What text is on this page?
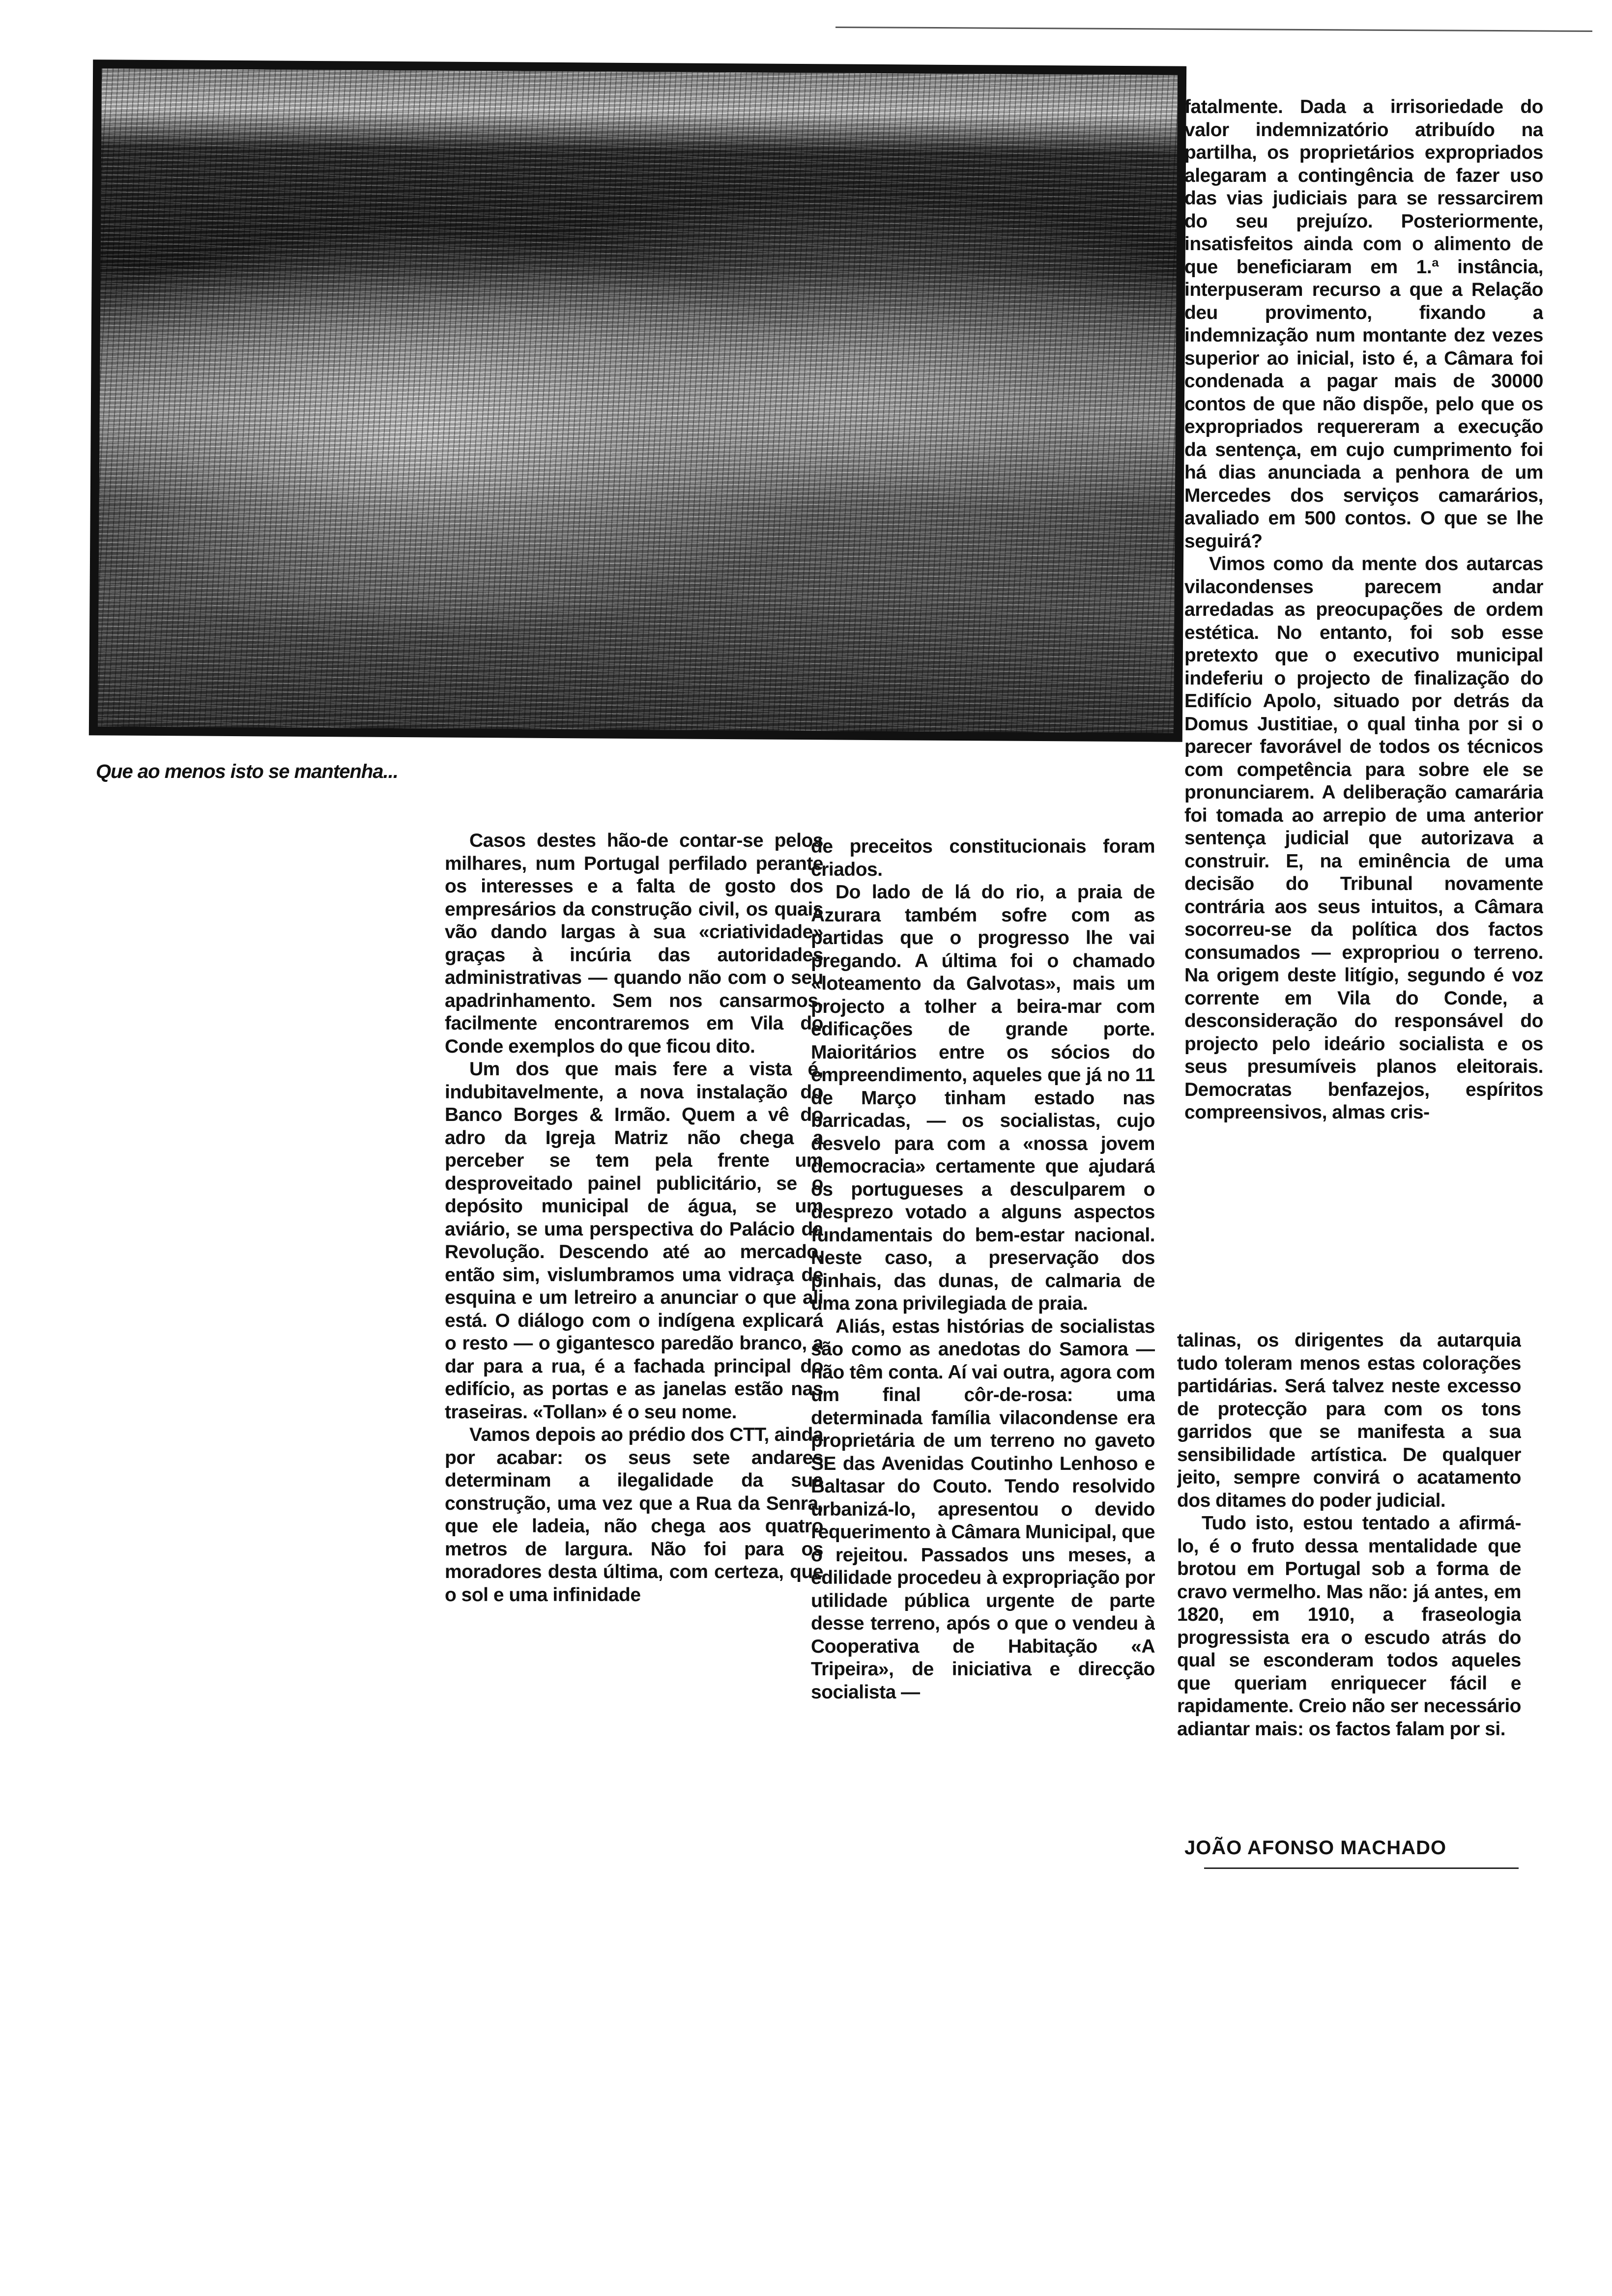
Que ao menos isto se mantenha...

Casos destes hão-de contar-se pelos milhares, num Portugal perfilado perante os interesses e a falta de gosto dos empresários da construção civil, os quais vão dando largas à sua «criatividade» graças à incúria das autoridades administrativas — quando não com o seu apadrinhamento. Sem nos cansarmos, facilmente encontraremos em Vila do Conde exemplos do que ficou dito.

Um dos que mais fere a vista é, indubitavelmente, a nova instalação do Banco Borges & Irmão. Quem a vê do adro da Igreja Matriz não chega a perceber se tem pela frente um desproveitado painel publicitário, se o depósito municipal de água, se um aviário, se uma perspectiva do Palácio da Revolução. Descendo até ao mercado, então sim, vislumbramos uma vidraça de esquina e um letreiro a anunciar o que ali está. O diálogo com o indígena explicará o resto — o gigantesco paredão branco, a dar para a rua, é a fachada principal do edifício, as portas e as janelas estão nas traseiras. «Tollan» é o seu nome.

Vamos depois ao prédio dos CTT, ainda por acabar: os seus sete andares determinam a ilegalidade da sua construção, uma vez que a Rua da Senra, que ele ladeia, não chega aos quatro metros de largura. Não foi para os moradores desta última, com certeza, que o sol e uma infinidade

de preceitos constitucionais foram criados.

Do lado de lá do rio, a praia de Azurara também sofre com as partidas que o progresso lhe vai pregando. A última foi o chamado «loteamento da Galvotas», mais um projecto a tolher a beira-mar com edificações de grande porte. Maioritários entre os sócios do empreendimento, aqueles que já no 11 de Março tinham estado nas barricadas, — os socialistas, cujo desvelo para com a «nossa jovem democracia» certamente que ajudará os portugueses a desculparem o desprezo votado a alguns aspectos fundamentais do bem-estar nacional. Neste caso, a preservação dos pinhais, das dunas, de calmaria de uma zona privilegiada de praia.

Aliás, estas histórias de socialistas são como as anedotas do Samora — não têm conta. Aí vai outra, agora com um final côr-de-rosa: uma determinada família vilacondense era proprietária de um terreno no gaveto SE das Avenidas Coutinho Lenhoso e Baltasar do Couto. Tendo resolvido urbanizá-lo, apresentou o devido requerimento à Câmara Municipal, que o rejeitou. Passados uns meses, a edilidade procedeu à expropriação por utilidade pública urgente de parte desse terreno, após o que o vendeu à Cooperativa de Habitação «A Tripeira», de iniciativa e direcção socialista —

fatalmente. Dada a irrisoriedade do valor indemnizatório atribuído na partilha, os proprietários expropriados alegaram a contingência de fazer uso das vias judiciais para se ressarcirem do seu prejuízo. Posteriormente, insatisfeitos ainda com o alimento de que beneficiaram em 1.ª instância, interpuseram recurso a que a Relação deu provimento, fixando a indemnização num montante dez vezes superior ao inicial, isto é, a Câmara foi condenada a pagar mais de 30000 contos de que não dispõe, pelo que os expropriados requereram a execução da sentença, em cujo cumprimento foi há dias anunciada a penhora de um Mercedes dos serviços camarários, avaliado em 500 contos. O que se lhe seguirá?

Vimos como da mente dos autarcas vilacondenses parecem andar arredadas as preocupações de ordem estética. No entanto, foi sob esse pretexto que o executivo municipal indeferiu o projecto de finalização do Edifício Apolo, situado por detrás da Domus Justitiae, o qual tinha por si o parecer favorável de todos os técnicos com competência para sobre ele se pronunciarem. A deliberação camarária foi tomada ao arrepio de uma anterior sentença judicial que autorizava a construir. E, na eminência de uma decisão do Tribunal novamente contrária aos seus intuitos, a Câmara socorreu-se da política dos factos consumados — expropriou o terreno. Na origem deste litígio, segundo é voz corrente em Vila do Conde, a desconsideração do responsável do projecto pelo ideário socialista e os seus presumíveis planos eleitorais. Democratas benfazejos, espíritos compreensivos, almas cris-

talinas, os dirigentes da autarquia tudo toleram menos estas colorações partidárias. Será talvez neste excesso de protecção para com os tons garridos que se manifesta a sua sensibilidade artística. De qualquer jeito, sempre convirá o acatamento dos ditames do poder judicial.

Tudo isto, estou tentado a afirmá-lo, é o fruto dessa mentalidade que brotou em Portugal sob a forma de cravo vermelho. Mas não: já antes, em 1820, em 1910, a fraseologia progressista era o escudo atrás do qual se esconderam todos aqueles que queriam enriquecer fácil e rapidamente. Creio não ser necessário adiantar mais: os factos falam por si.

JOÃO AFONSO MACHADO
